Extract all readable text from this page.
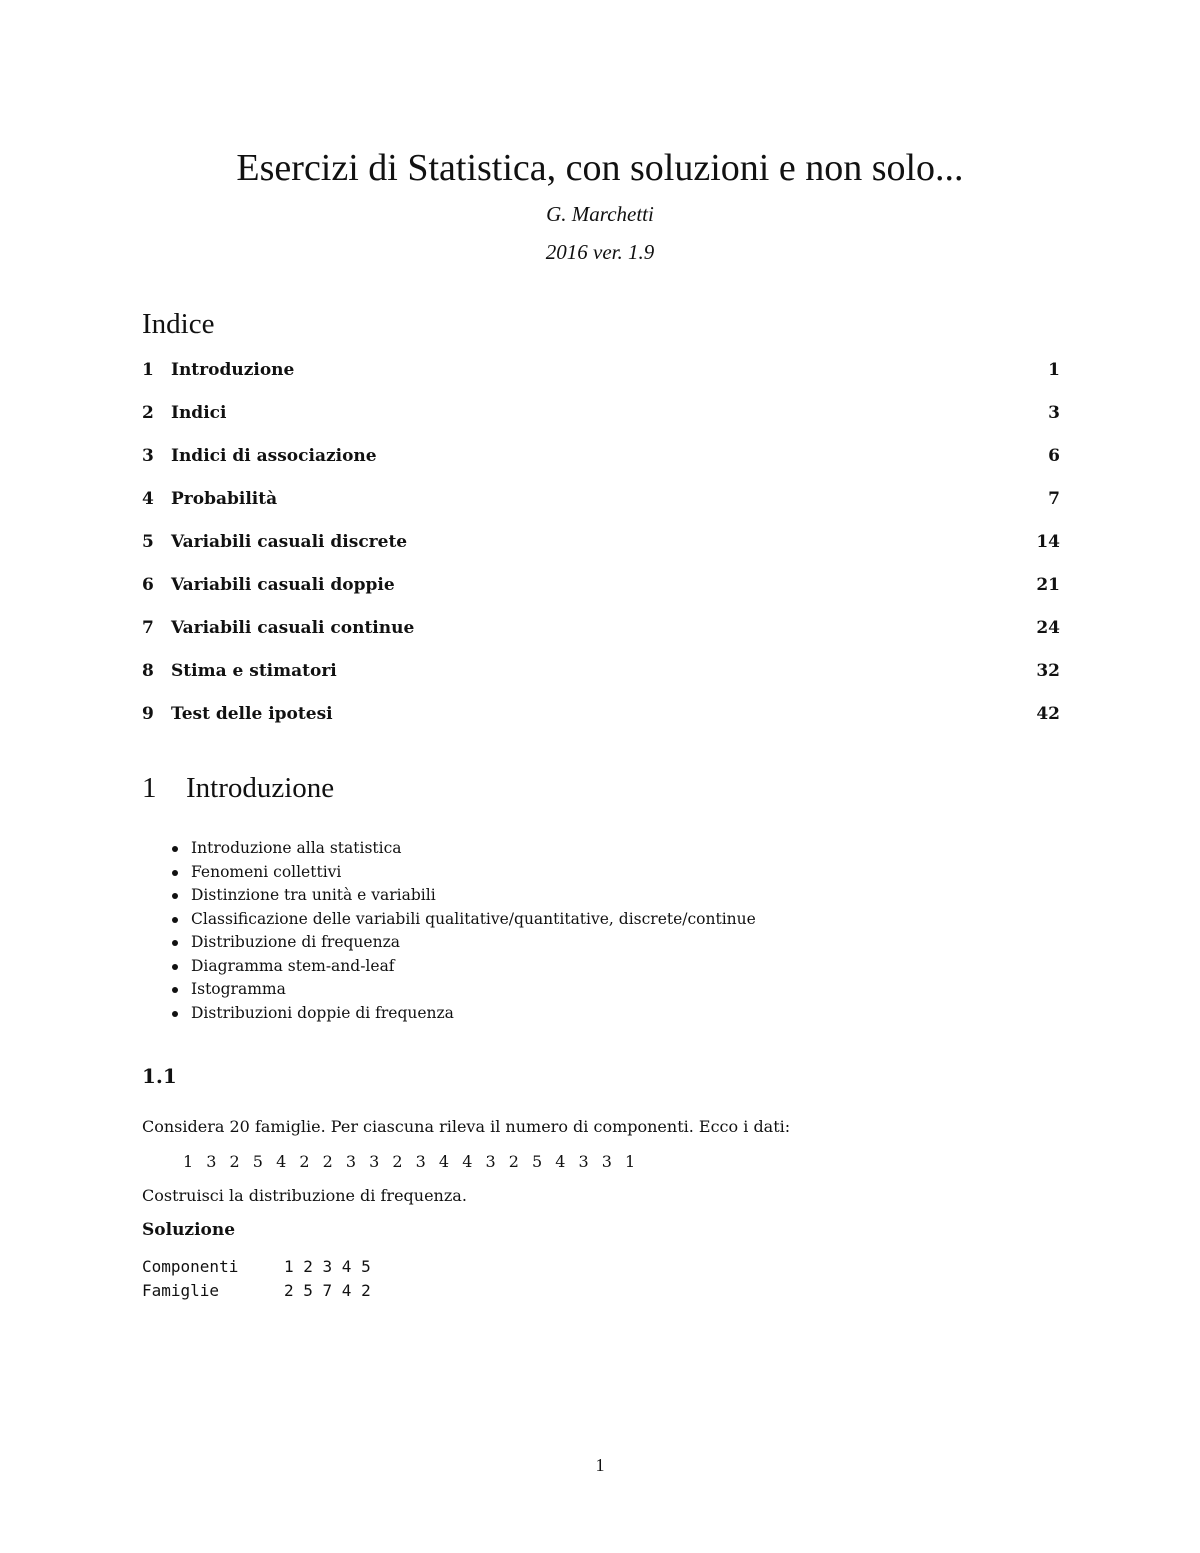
Esercizi di Statistica, con soluzioni e non solo...
G. Marchetti
2016 ver. 1.9
Indice
1	Introduzione	1
2	Indici	3
3	Indici di associazione	6
4	Probabilità	7
5	Variabili casuali discrete	14
6	Variabili casuali doppie	21
7	Variabili casuali continue	24
8	Stima e stimatori	32
9	Test delle ipotesi	42
1 Introduzione
Introduzione alla statistica
Fenomeni collettivi
Distinzione tra unità e variabili
Classificazione delle variabili qualitative/quantitative, discrete/continue
Distribuzione di frequenza
Diagramma stem-and-leaf
Istogramma
Distribuzioni doppie di frequenza
1.1

Considera 20 famiglie. Per ciascuna rileva il numero di componenti. Ecco i dati:

1 3 2 5 4 2 2 3 3 2 3 4 4 3 2 5 4 3 3 1

Costruisci la distribuzione di frequenza.

Soluzione
Componenti	1 2 3 4 5
Famiglie	2 5 7 4 2
1
